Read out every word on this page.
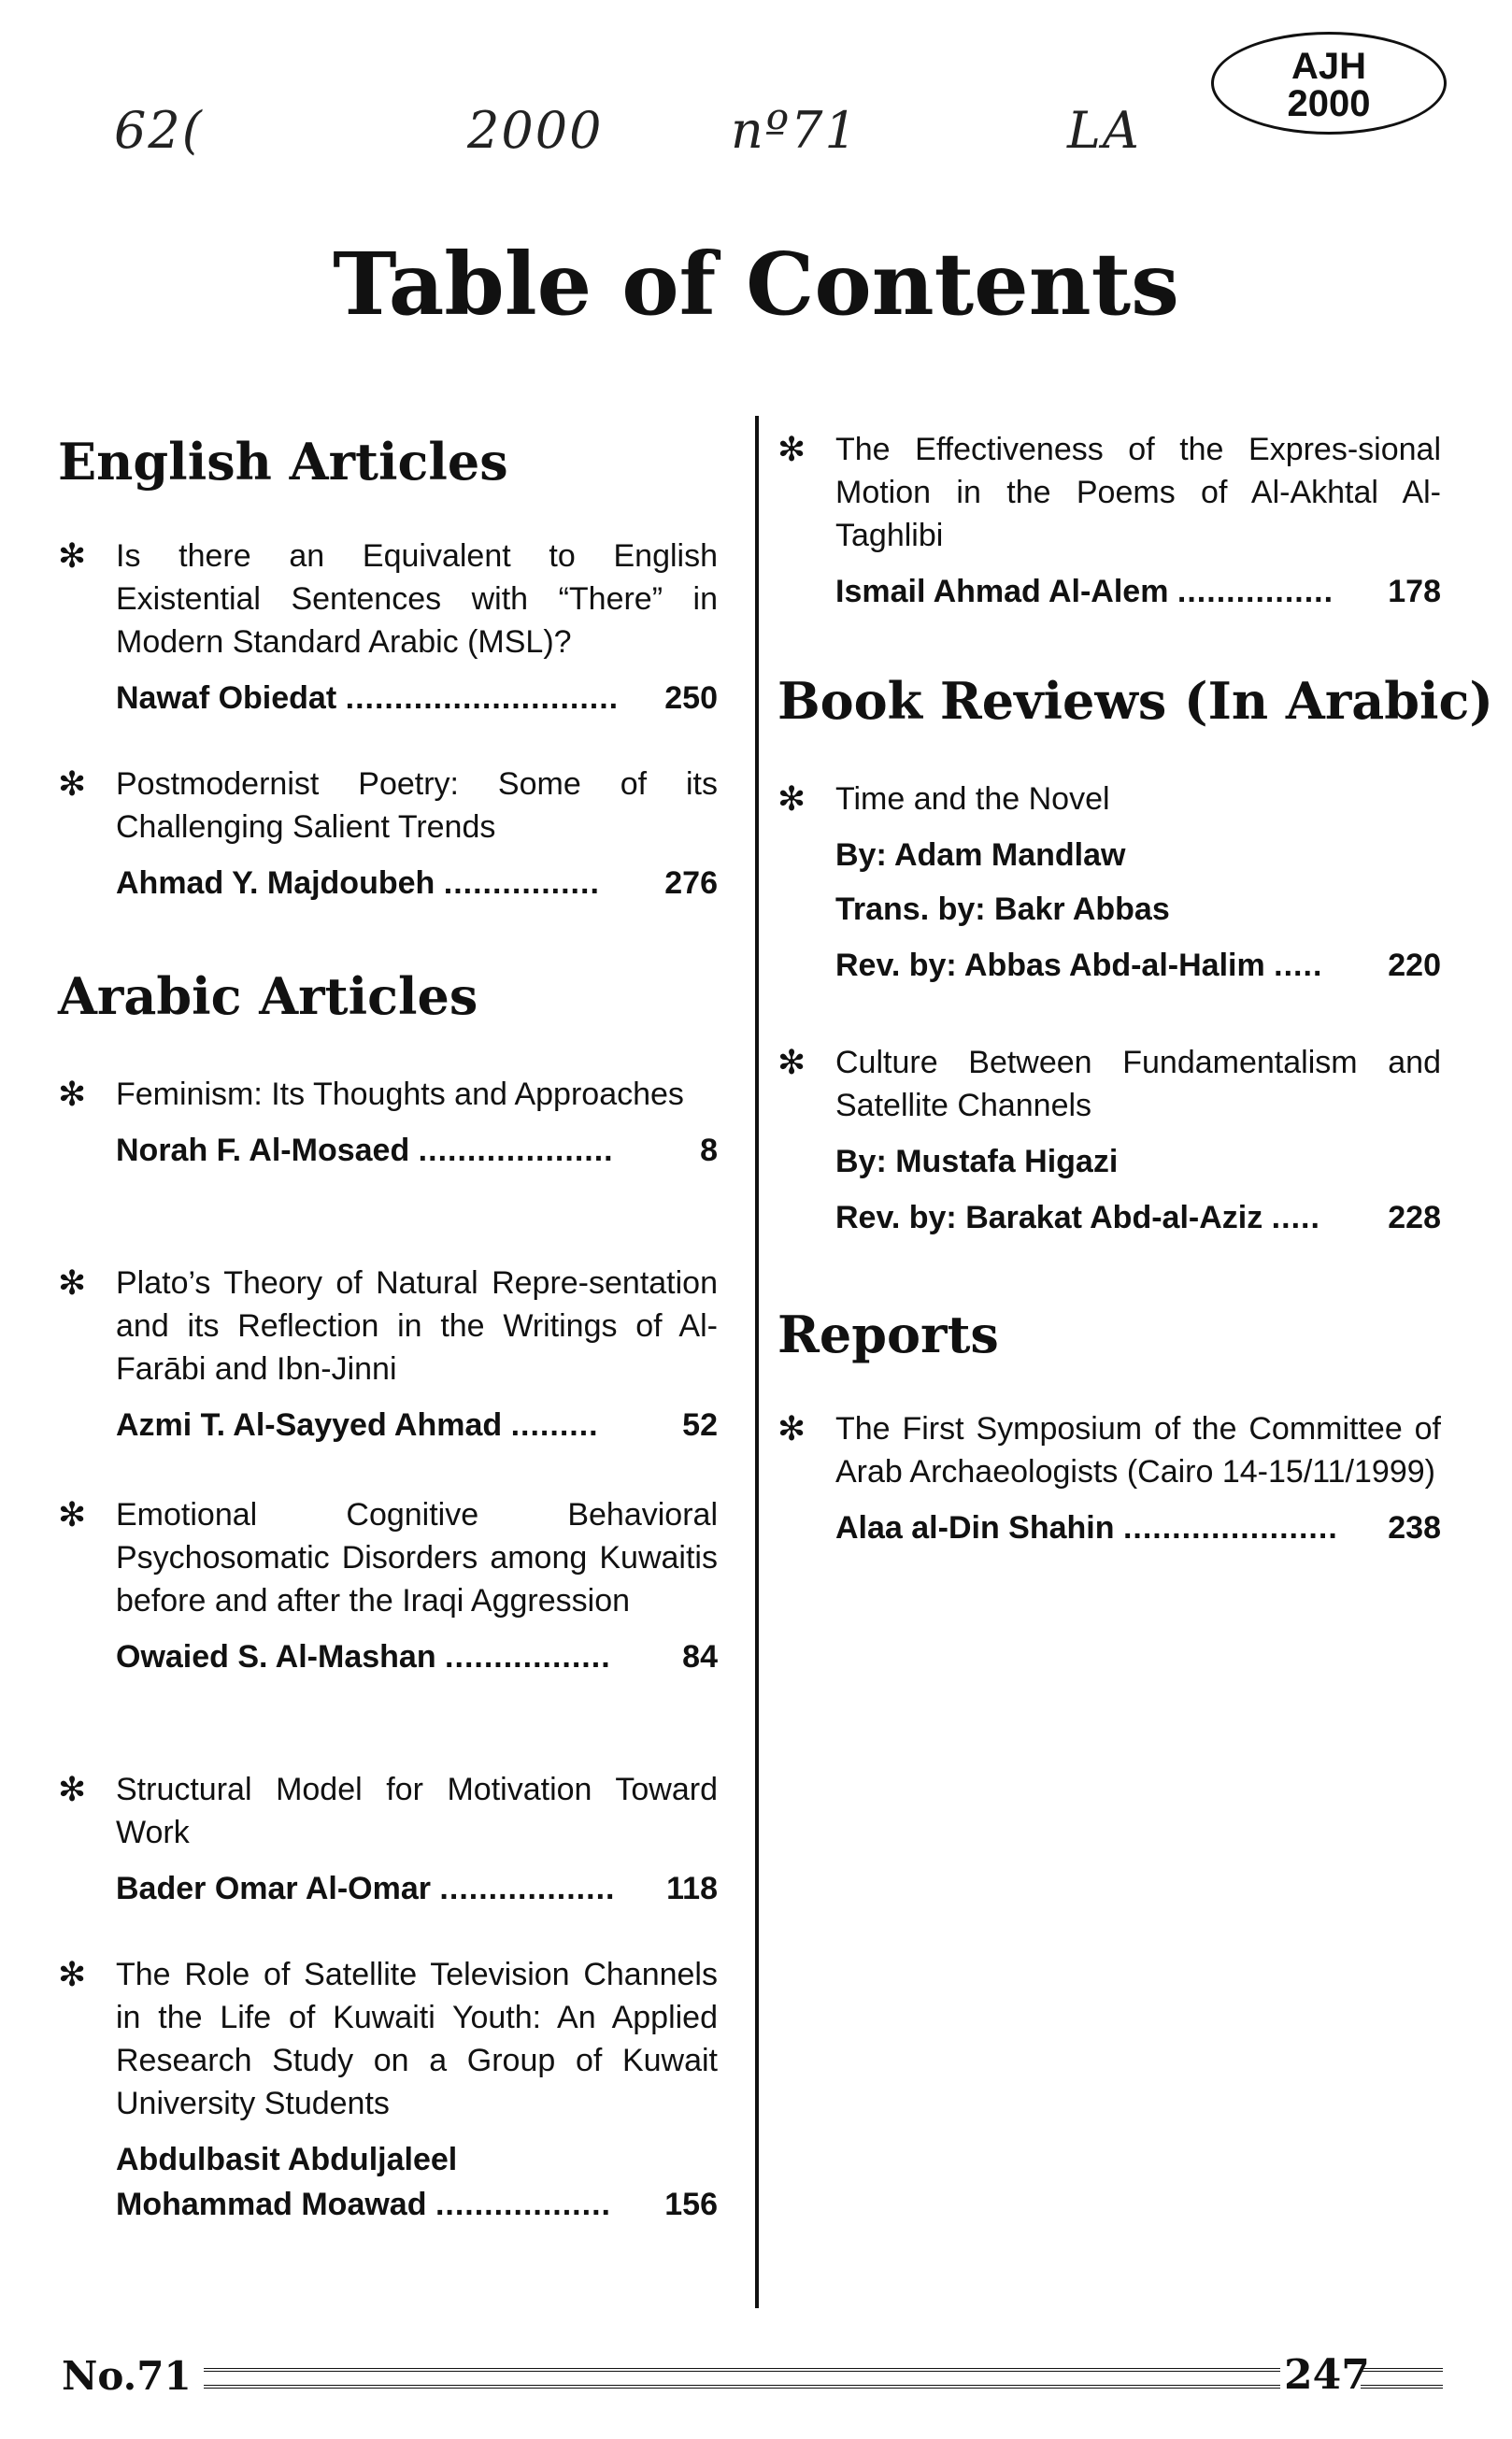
62(	2000	nº71	LA
AJH
2000
Table of Contents
English Articles
✻ Is there an Equivalent to English Existential Sentences with “There” in Modern Standard Arabic (MSL)?
Nawaf Obiedat ............................ 250
✻ Postmodernist Poetry: Some of its Challenging Salient Trends
Ahmad Y. Majdoubeh ................ 276
Arabic Articles
✻ Feminism: Its Thoughts and Approaches
Norah F. Al-Mosaed ....................	8
✻ Plato’s Theory of Natural Repre-sentation and its Reflection in the Writings of Al-Farābi and Ibn-Jinni
Azmi T. Al-Sayyed Ahmad .........	52
✻ Emotional Cognitive Behavioral Psychosomatic Disorders among Kuwaitis before and after the Iraqi Aggression
Owaied S. Al-Mashan ................. 84
✻ Structural Model for Motivation Toward Work
Bader Omar Al-Omar .................. 118
✻ The Role of Satellite Television Channels in the Life of Kuwaiti Youth: An Applied Research Study on a Group of Kuwait University Students
Abdulbasit Abduljaleel
Mohammad Moawad .................. 156
✻ The Effectiveness of the Expres-sional Motion in the Poems of Al-Akhtal Al-Taghlibi
Ismail Ahmad Al-Alem ................ 178
Book Reviews (In Arabic)
✻ Time and the Novel
By: Adam Mandlaw
Trans. by: Bakr Abbas
Rev. by: Abbas Abd-al-Halim ..... 220
✻ Culture Between Fundamentalism and Satellite Channels
By: Mustafa Higazi
Rev. by: Barakat Abd-al-Aziz ..... 228
Reports
✻ The First Symposium of the Committee of Arab Archaeologists (Cairo 14-15/11/1999)
Alaa al-Din Shahin ...................... 238
No.71	247
